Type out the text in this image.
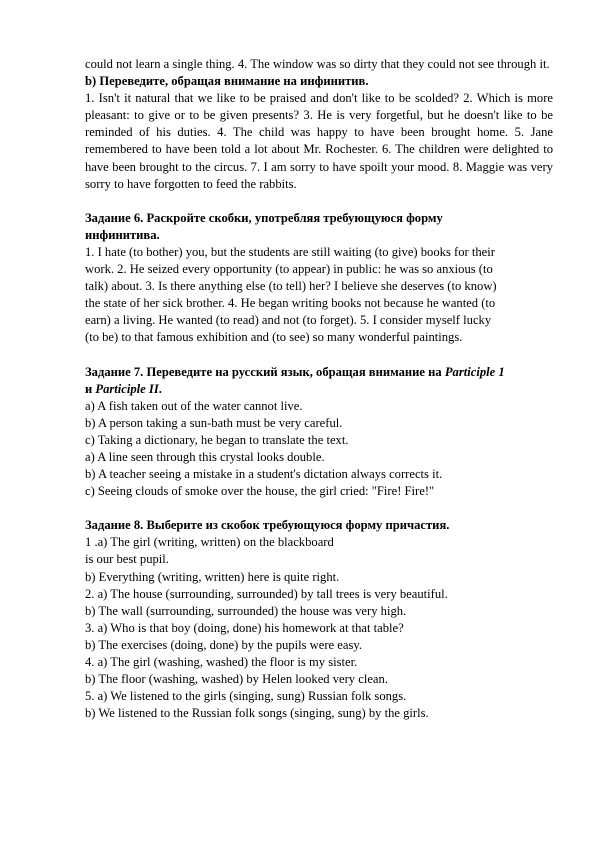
could not learn a single thing. 4. The window was so dirty that they could not see through it.

b) Переведите, обращая внимание на инфинитив.

1. Isn't it natural that we like to be praised and don't like to be scolded? 2. Which is more pleasant: to give or to be given presents? 3. He is very forgetful, but he doesn't like to be reminded of his duties. 4. The child was happy to have been brought home. 5. Jane remembered to have been told a lot about Mr. Rochester. 6. The children were delighted to have been brought to the circus. 7. I am sorry to have spoilt your mood. 8. Maggie was very sorry to have forgotten to feed the rabbits.

Задание 6. Раскройте скобки, употребляя требующуюся форму

инфинитива.

1. I hate (to bother) you, but the students are still waiting (to give) books for their

work. 2. He seized every opportunity (to appear) in public: he was so anxious (to

talk) about. 3. Is there anything else (to tell) her? I believe she deserves (to know)

the state of her sick brother. 4. He began writing books not because he wanted (to

earn) a living. He wanted (to read) and not (to forget). 5. I consider myself lucky

(to be) to that famous exhibition and (to see) so many wonderful paintings.

Задание 7. Переведите на русский язык, обращая внимание на Participle 1
и Participle II.

a) A fish taken out of the water cannot live.

b) A person taking a sun-bath must be very careful.

c) Taking a dictionary, he began to translate the text.

a) A line seen through this crystal looks double.

b) A teacher seeing a mistake in a student's dictation always corrects it.

c) Seeing clouds of smoke over the house, the girl cried: "Fire! Fire!"

Задание 8. Выберите из скобок требующуюся форму причастия.

1 .a) The girl (writing, written) on the blackboard

is our best pupil.

b) Everything (writing, written) here is quite right.

2. a) The house (surrounding, surrounded) by tall trees is very beautiful.

b) The wall (surrounding, surrounded) the house was very high.

3. a) Who is that boy (doing, done) his homework at that table?

b) The exercises (doing, done) by the pupils were easy.

4. a) The girl (washing, washed) the floor is my sister.

b) The floor (washing, washed) by Helen looked very clean.

5. a) We listened to the girls (singing, sung) Russian folk songs.

b) We listened to the Russian folk songs (singing, sung) by the girls.
